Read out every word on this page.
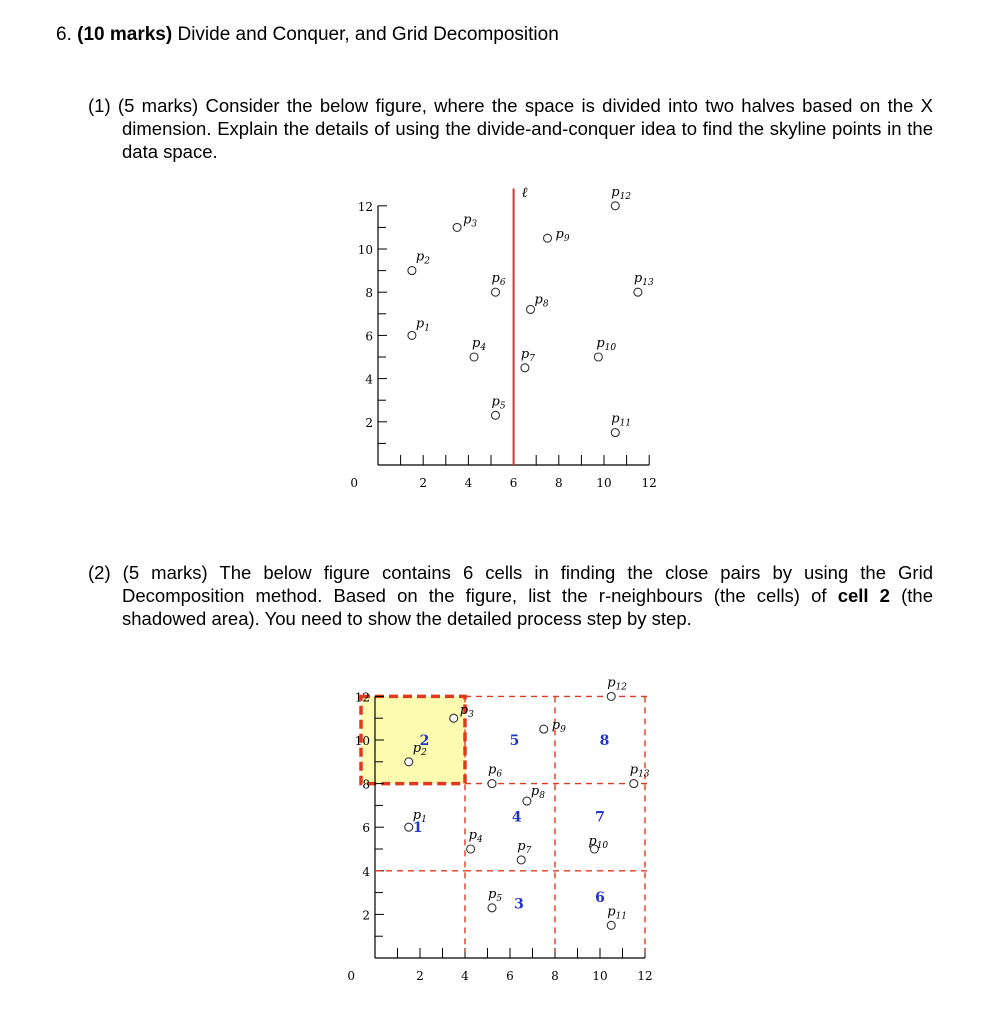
6. (10 marks) Divide and Conquer, and Grid Decomposition
(1) (5 marks) Consider the below figure, where the space is divided into two halves based on the X dimension. Explain the details of using the divide-and-conquer idea to find the skyline points in the data space.
(2) (5 marks) The below figure contains 6 cells in finding the close pairs by using the Grid Decomposition method. Based on the figure, list the r-neighbours (the cells) of cell 2 (the shadowed area). You need to show the detailed process step by step.
0
2
4
6
8
10
12
2	4	6	8	10 12
ℓ
$p_1$
$p_2$
$p_3$
$p_4$
$p_5$
$p_6$
$p_7$
$p_8$
$p_9$
$p_{10}$
$p_{11}$
$p_{12}$
$p_{13}$
0
2
4
6
8
10
12
2	4	6	8	10 12
$p_1$
$p_2$
$p_3$
$p_4$
$p_5$
$p_6$
$p_7$
$p_8$
$p_9$
$p_{10}$
$p_{11}$
$p_{12}$
$p_{13}$
1
2
3
4
5
6
7
8
